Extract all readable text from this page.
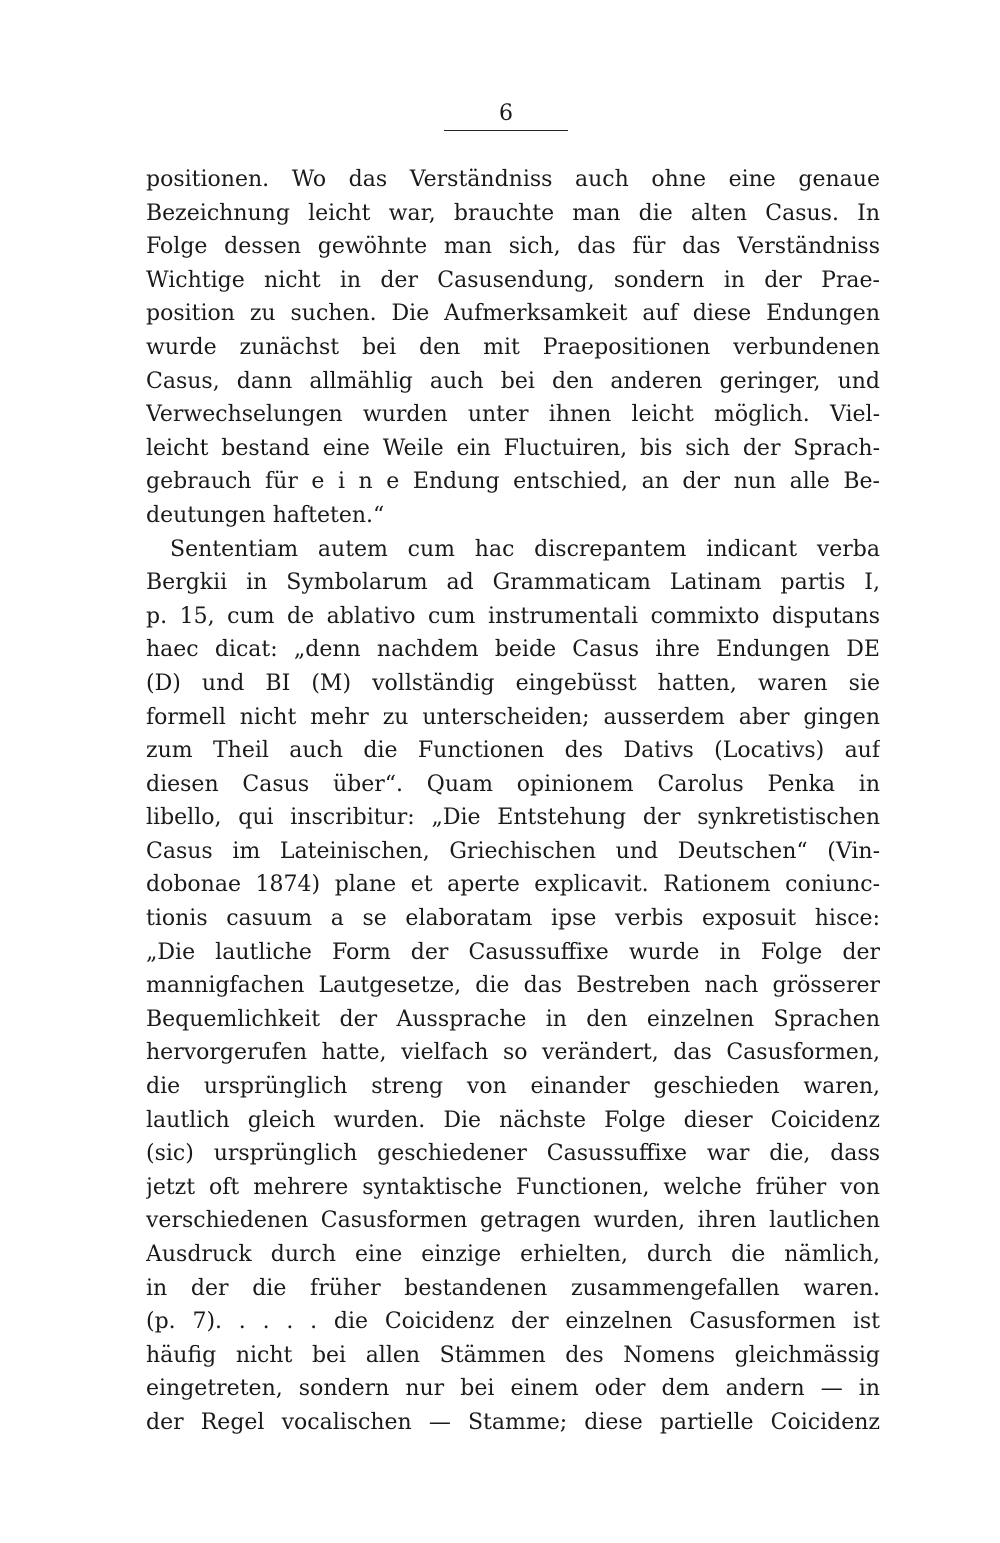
6
positionen. Wo das Verständniss auch ohne eine genaue
Bezeichnung leicht war, brauchte man die alten Casus. In
Folge dessen gewöhnte man sich, das für das Verständniss
Wichtige nicht in der Casusendung, sondern in der Prae-
position zu suchen. Die Aufmerksamkeit auf diese Endungen
wurde zunächst bei den mit Praepositionen verbundenen
Casus, dann allmählig auch bei den anderen geringer, und
Verwechselungen wurden unter ihnen leicht möglich. Viel-
leicht bestand eine Weile ein Fluctuiren, bis sich der Sprach-
gebrauch für e i n e Endung entschied, an der nun alle Be-
deutungen hafteten.“
Sententiam autem cum hac discrepantem indicant verba
Bergkii in Symbolarum ad Grammaticam Latinam partis I,
p. 15, cum de ablativo cum instrumentali commixto disputans
haec dicat: „denn nachdem beide Casus ihre Endungen DE
(D) und BI (M) vollständig eingebüsst hatten, waren sie
formell nicht mehr zu unterscheiden; ausserdem aber gingen
zum Theil auch die Functionen des Dativs (Locativs) auf
diesen Casus über“. Quam opinionem Carolus Penka in
libello, qui inscribitur: „Die Entstehung der synkretistischen
Casus im Lateinischen, Griechischen und Deutschen“ (Vin-
dobonae 1874) plane et aperte explicavit. Rationem coniunc-
tionis casuum a se elaboratam ipse verbis exposuit hisce:
„Die lautliche Form der Casussuffixe wurde in Folge der
mannigfachen Lautgesetze, die das Bestreben nach grösserer
Bequemlichkeit der Aussprache in den einzelnen Sprachen
hervorgerufen hatte, vielfach so verändert, das Casusformen,
die ursprünglich streng von einander geschieden waren,
lautlich gleich wurden. Die nächste Folge dieser Coicidenz
(sic) ursprünglich geschiedener Casussuffixe war die, dass
jetzt oft mehrere syntaktische Functionen, welche früher von
verschiedenen Casusformen getragen wurden, ihren lautlichen
Ausdruck durch eine einzige erhielten, durch die nämlich,
in der die früher bestandenen zusammengefallen waren.
(p. 7). . . . . die Coicidenz der einzelnen Casusformen ist
häufig nicht bei allen Stämmen des Nomens gleichmässig
eingetreten, sondern nur bei einem oder dem andern — in
der Regel vocalischen — Stamme; diese partielle Coicidenz
